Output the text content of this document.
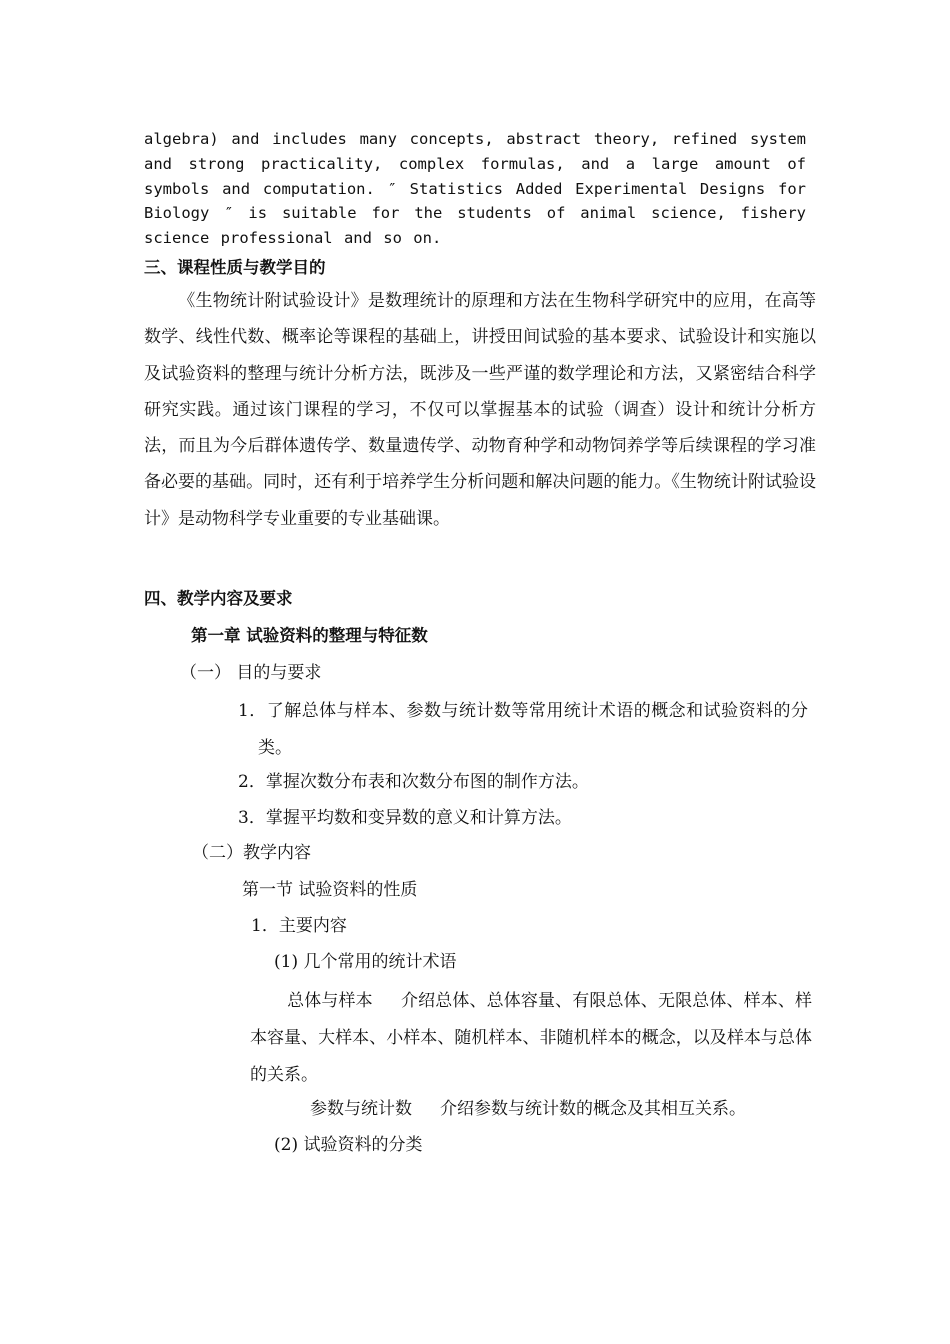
algebra) and includes many concepts, abstract theory, refined system and strong practicality, complex formulas, and a large amount of symbols and computation. ″ Statistics Added Experimental Designs for Biology ″ is suitable for the students of animal science, fishery science professional and so on.

三、课程性质与教学目的

《生物统计附试验设计》是数理统计的原理和方法在生物科学研究中的应用，在高等数学、线性代数、概率论等课程的基础上，讲授田间试验的基本要求、试验设计和实施以及试验资料的整理与统计分析方法，既涉及一些严谨的数学理论和方法，又紧密结合科学研究实践。通过该门课程的学习，不仅可以掌握基本的试验（调查）设计和统计分析方法，而且为今后群体遗传学、数量遗传学、动物育种学和动物饲养学等后续课程的学习准备必要的基础。同时，还有利于培养学生分析问题和解决问题的能力。《生物统计附试验设计》是动物科学专业重要的专业基础课。

四、教学内容及要求
第一章 试验资料的整理与特征数
（一） 目的与要求
1．了解总体与样本、参数与统计数等常用统计术语的概念和试验资料的分类。
2．掌握次数分布表和次数分布图的制作方法。
3．掌握平均数和变异数的意义和计算方法。
（二）教学内容
第一节 试验资料的性质
1．主要内容
(1) 几个常用的统计术语
总体与样本 介绍总体、总体容量、有限总体、无限总体、样本、样本容量、大样本、小样本、随机样本、非随机样本的概念，以及样本与总体的关系。
参数与统计数 介绍参数与统计数的概念及其相互关系。
(2) 试验资料的分类
